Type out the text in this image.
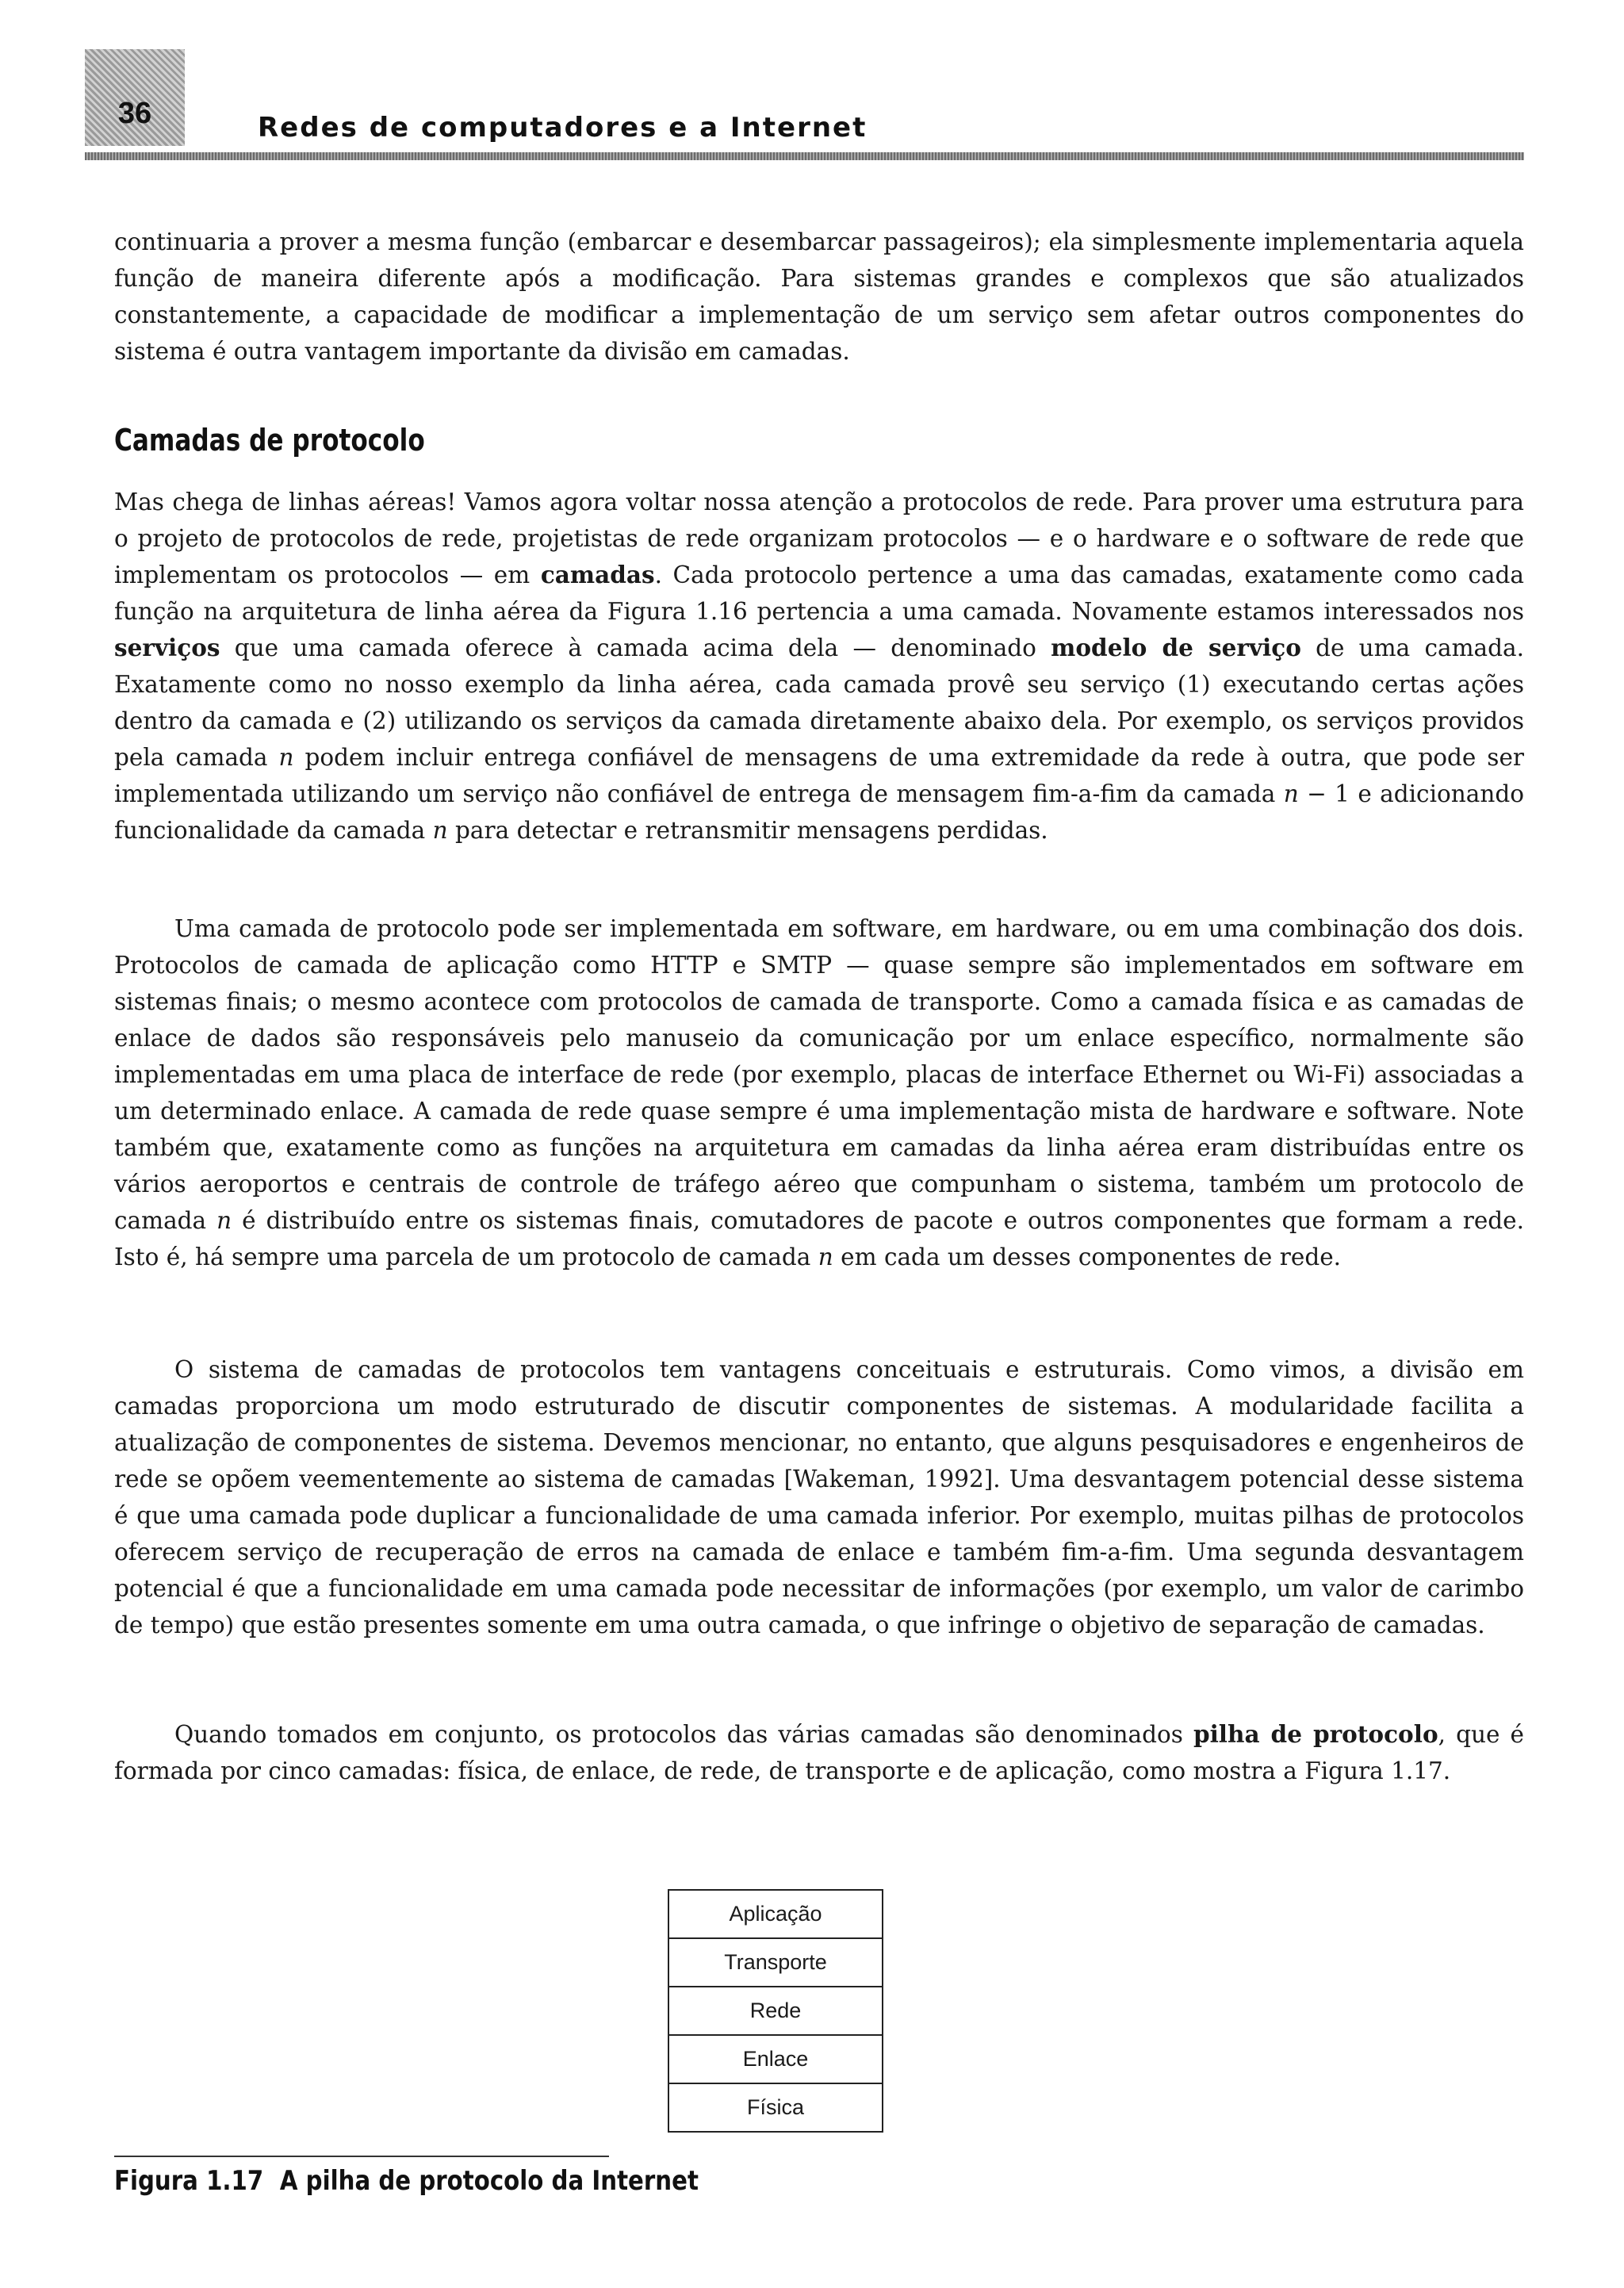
36	Redes de computadores e a Internet

continuaria a prover a mesma função (embarcar e desembarcar passageiros); ela simplesmente implementaria aquela função de maneira diferente após a modificação. Para sistemas grandes e complexos que são atualizados constantemente, a capacidade de modificar a implementação de um serviço sem afetar outros componentes do sistema é outra vantagem importante da divisão em camadas.

Camadas de protocolo

Mas chega de linhas aéreas! Vamos agora voltar nossa atenção a protocolos de rede. Para prover uma estrutura para o projeto de protocolos de rede, projetistas de rede organizam protocolos — e o hardware e o software de rede que implementam os protocolos — em camadas. Cada protocolo pertence a uma das camadas, exatamente como cada função na arquitetura de linha aérea da Figura 1.16 pertencia a uma camada. Novamente estamos interessados nos serviços que uma camada oferece à camada acima dela — denominado modelo de serviço de uma camada. Exatamente como no nosso exemplo da linha aérea, cada camada provê seu serviço (1) executando certas ações dentro da camada e (2) utilizando os serviços da camada diretamente abaixo dela. Por exemplo, os serviços providos pela camada n podem incluir entrega confiável de mensagens de uma extremidade da rede à outra, que pode ser implementada utilizando um serviço não confiável de entrega de mensagem fim-a-fim da camada n − 1 e adicionando funcionalidade da camada n para detectar e retransmitir mensagens perdidas.

Uma camada de protocolo pode ser implementada em software, em hardware, ou em uma combinação dos dois. Protocolos de camada de aplicação como HTTP e SMTP — quase sempre são implementados em software em sistemas finais; o mesmo acontece com protocolos de camada de transporte. Como a camada física e as camadas de enlace de dados são responsáveis pelo manuseio da comunicação por um enlace específico, normalmente são implementadas em uma placa de interface de rede (por exemplo, placas de interface Ethernet ou Wi-Fi) associadas a um determinado enlace. A camada de rede quase sempre é uma implementação mista de hardware e software. Note também que, exatamente como as funções na arquitetura em camadas da linha aérea eram distribuídas entre os vários aeroportos e centrais de controle de tráfego aéreo que compunham o sistema, também um protocolo de camada n é distribuído entre os sistemas finais, comutadores de pacote e outros componentes que formam a rede. Isto é, há sempre uma parcela de um protocolo de camada n em cada um desses componentes de rede.

O sistema de camadas de protocolos tem vantagens conceituais e estruturais. Como vimos, a divisão em camadas proporciona um modo estruturado de discutir componentes de sistemas. A modularidade facilita a atualização de componentes de sistema. Devemos mencionar, no entanto, que alguns pesquisadores e engenheiros de rede se opõem veementemente ao sistema de camadas [Wakeman, 1992]. Uma desvantagem potencial desse sistema é que uma camada pode duplicar a funcionalidade de uma camada inferior. Por exemplo, muitas pilhas de protocolos oferecem serviço de recuperação de erros na camada de enlace e também fim-a-fim. Uma segunda desvantagem potencial é que a funcionalidade em uma camada pode necessitar de informações (por exemplo, um valor de carimbo de tempo) que estão presentes somente em uma outra camada, o que infringe o objetivo de separação de camadas.

Quando tomados em conjunto, os protocolos das várias camadas são denominados pilha de protocolo, que é formada por cinco camadas: física, de enlace, de rede, de transporte e de aplicação, como mostra a Figura 1.17.

Aplicação
Transporte
Rede
Enlace
Física
Figura 1.17 A pilha de protocolo da Internet
